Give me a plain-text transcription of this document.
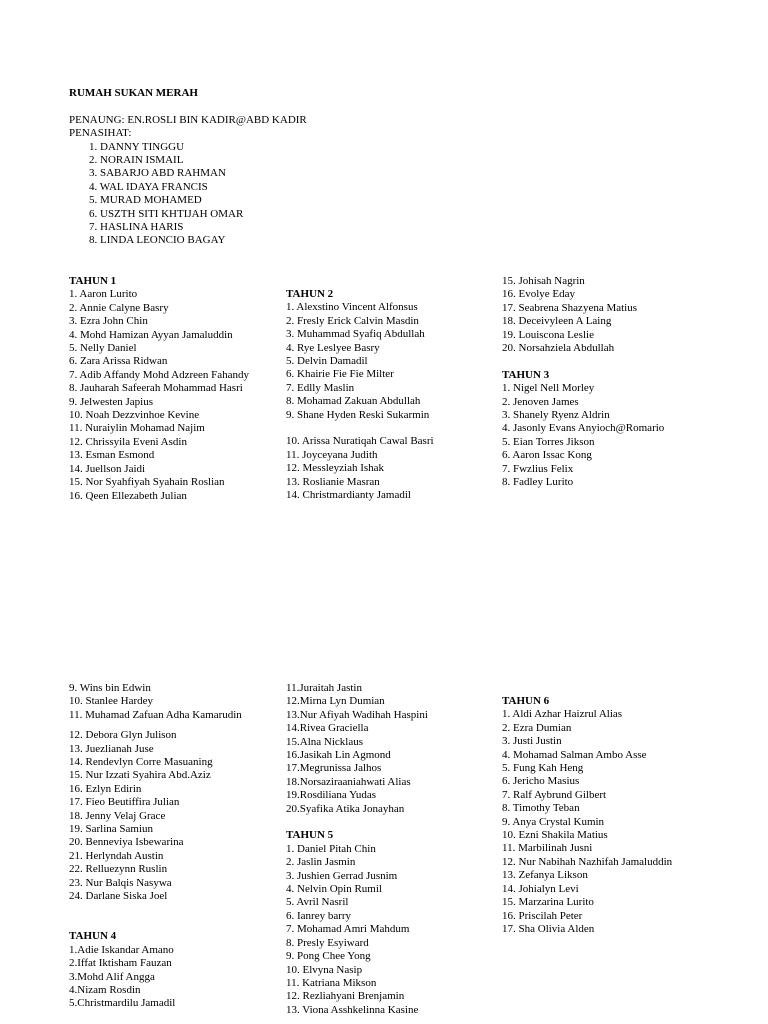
RUMAH SUKAN MERAH
PENAUNG: EN.ROSLI BIN KADIR@ABD KADIR
PENASIHAT:
1. DANNY TINGGU
2. NORAIN ISMAIL
3. SABARJO ABD RAHMAN
4. WAL IDAYA FRANCIS
5. MURAD MOHAMED
6. USZTH SITI KHTIJAH OMAR
7. HASLINA HARIS
8. LINDA LEONCIO BAGAY
TAHUN 1
1. Aaron Lurito
2. Annie Calyne Basry
3. Ezra John Chin
4. Mohd Hamizan Ayyan Jamaluddin
5. Nelly Daniel
6. Zara Arissa Ridwan
7. Adib Affandy Mohd Adzreen Fahandy
8. Jauharah Safeerah Mohammad Hasri
9. Jelwesten Japius
10. Noah Dezzvinhoe Kevine
11. Nuraiylin Mohamad Najim
12. Chrissyila Eveni Asdin
13. Esman Esmond
14. Juellson Jaidi
15. Nor Syahfiyah Syahain Roslian
16. Qeen Ellezabeth Julian
TAHUN 2
1. Alexstino Vincent Alfonsus
2. Fresly Erick Calvin Masdin
3. Muhammad Syafiq Abdullah
4. Rye Leslyee Basry
5. Delvin Damadil
6. Khairie Fie Fie Milter
7. Edlly Maslin
8. Mohamad Zakuan Abdullah
9. Shane Hyden Reski Sukarmin
10. Arissa Nuratiqah Cawal Basri
11. Joyceyana Judith
12. Messleyziah Ishak
13. Roslianie Masran
14. Christmardianty Jamadil
15. Johisah Nagrin
16. Evolye Eday
17. Seabrena Shazyena Matius
18. Deceivyleen A Laing
19. Louiscona Leslie
20. Norsahziela Abdullah
TAHUN 3
1. Nigel Nell Morley
2. Jenoven James
3. Shanely Ryenz Aldrin
4. Jasonly Evans Anyioch@Romario
5. Eian Torres Jikson
6. Aaron Issac Kong
7. Fwzlius Felix
8. Fadley Lurito
9. Wins bin Edwin
10. Stanlee Hardey
11. Muhamad Zafuan Adha Kamarudin
12. Debora Glyn Julison
13. Juezlianah Juse
14. Rendevlyn Corre Masuaning
15. Nur Izzati Syahira Abd.Aziz
16. Ezlyn Edirin
17. Fieo Beutiffira Julian
18. Jenny Velaj Grace
19. Sarlina Samiun
20. Benneviya Isbewarina
21. Herlyndah Austin
22. Relluezynn Ruslin
23. Nur Balqis Nasywa
24. Darlane Siska Joel
TAHUN 4
1.Adie Iskandar Amano
2.Iffat Iktisham Fauzan
3.Mohd Alif Angga
4.Nizam Rosdin
5.Christmardilu Jamadil
11.Juraitah Jastin
12.Mirna Lyn Dumian
13.Nur Afiyah Wadihah Haspini
14.Rivea Graciella
15.Alna Nicklaus
16.Jasikah Lin Agmond
17.Megrunissa Jalhos
18.Norsaziraaniahwati Alias
19.Rosdiliana Yudas
20.Syafika Atika Jonayhan
TAHUN 5
1. Daniel Pitah Chin
2. Jaslin Jasmin
3. Jushien Gerrad Jusnim
4. Nelvin Opin Rumil
5. Avril Nasril
6. Ianrey barry
7. Mohamad Amri Mahdum
8. Presly Esyiward
9. Pong Chee Yong
10. Elvyna Nasip
11. Katriana Mikson
12. Rezliahyani Brenjamin
13. Viona Asshkelinna Kasine
TAHUN 6
1. Aldi Azhar Haizrul Alias
2. Ezra Dumian
3. Justi Justin
4. Mohamad Salman Ambo Asse
5. Fung Kah Heng
6. Jericho Masius
7. Ralf Aybrund Gilbert
8. Timothy Teban
9. Anya Crystal Kumin
10. Ezni Shakila Matius
11. Marbilinah Jusni
12. Nur Nabihah Nazhifah Jamaluddin
13. Zefanya Likson
14. Johialyn Levi
15. Marzarina Lurito
16. Priscilah Peter
17. Sha Olivia Alden
